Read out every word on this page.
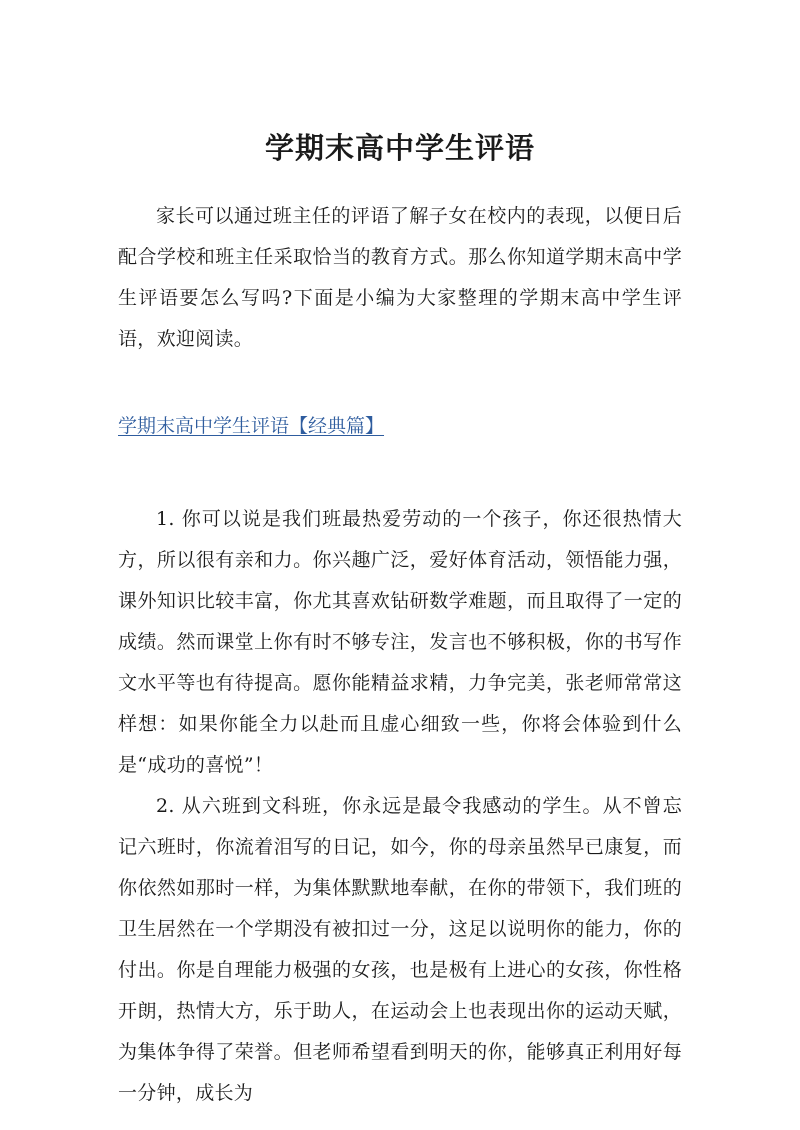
学期末高中学生评语

家长可以通过班主任的评语了解子女在校内的表现，以便日后配合学校和班主任采取恰当的教育方式。那么你知道学期末高中学生评语要怎么写吗?下面是小编为大家整理的学期末高中学生评语，欢迎阅读。

学期末高中学生评语【经典篇】

1. 你可以说是我们班最热爱劳动的一个孩子，你还很热情大方，所以很有亲和力。你兴趣广泛，爱好体育活动，领悟能力强，课外知识比较丰富，你尤其喜欢钻研数学难题，而且取得了一定的成绩。然而课堂上你有时不够专注，发言也不够积极，你的书写作文水平等也有待提高。愿你能精益求精，力争完美，张老师常常这样想：如果你能全力以赴而且虚心细致一些，你将会体验到什么是“成功的喜悦”！

2. 从六班到文科班，你永远是最令我感动的学生。从不曾忘记六班时，你流着泪写的日记，如今，你的母亲虽然早已康复，而你依然如那时一样，为集体默默地奉献，在你的带领下，我们班的卫生居然在一个学期没有被扣过一分，这足以说明你的能力，你的付出。你是自理能力极强的女孩，也是极有上进心的女孩，你性格开朗，热情大方，乐于助人，在运动会上也表现出你的运动天赋，为集体争得了荣誉。但老师希望看到明天的你，能够真正利用好每一分钟，成长为
